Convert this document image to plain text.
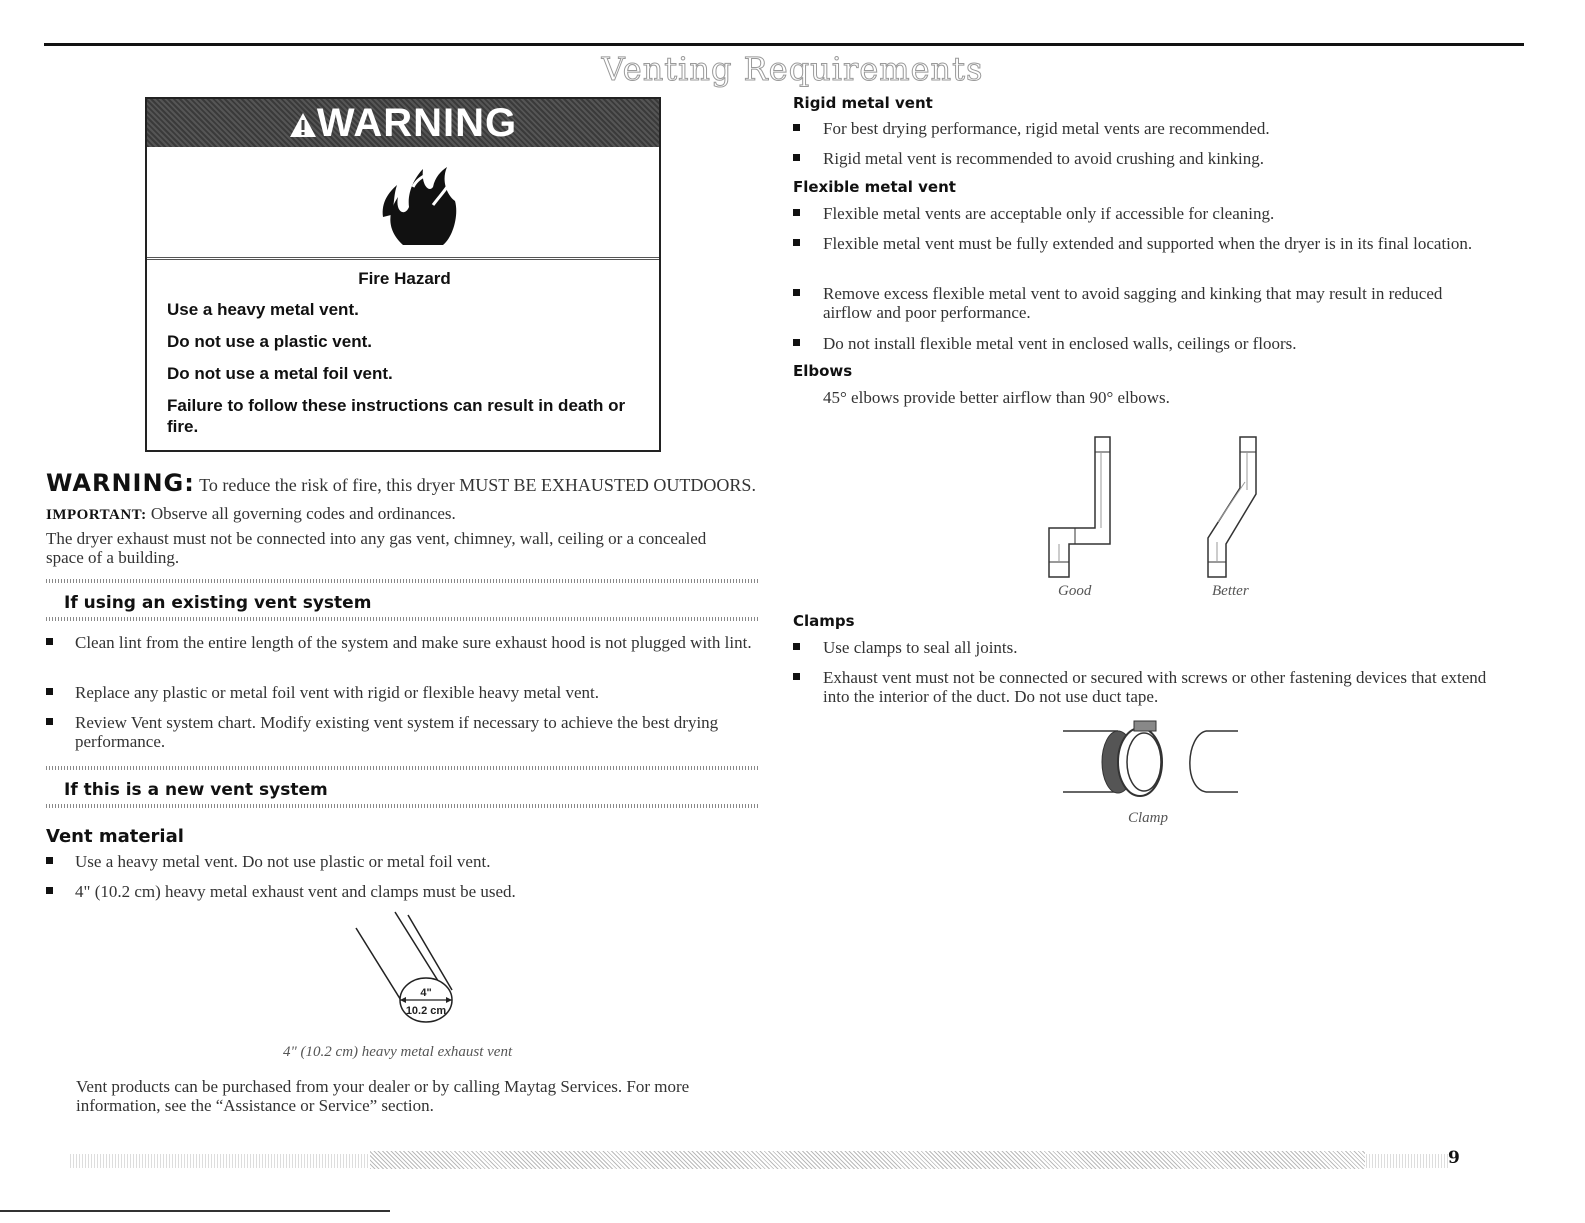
Venting Requirements
WARNING
Fire Hazard
Use a heavy metal vent.
Do not use a plastic vent.
Do not use a metal foil vent.
Failure to follow these instructions can result in death or fire.
WARNING: To reduce the risk of fire, this dryer MUST BE EXHAUSTED OUTDOORS.
IMPORTANT: Observe all governing codes and ordinances.
The dryer exhaust must not be connected into any gas vent, chimney, wall, ceiling or a concealed space of a building.
If using an existing vent system
Clean lint from the entire length of the system and make sure exhaust hood is not plugged with lint.
Replace any plastic or metal foil vent with rigid or flexible heavy metal vent.
Review Vent system chart. Modify existing vent system if necessary to achieve the best drying performance.
If this is a new vent system
Vent material
Use a heavy metal vent. Do not use plastic or metal foil vent.
4" (10.2 cm) heavy metal exhaust vent and clamps must be used.
4"
10.2 cm
4" (10.2 cm) heavy metal exhaust vent
Vent products can be purchased from your dealer or by calling Maytag Services. For more information, see the “Assistance or Service” section.
Rigid metal vent
For best drying performance, rigid metal vents are recommended.
Rigid metal vent is recommended to avoid crushing and kinking.
Flexible metal vent
Flexible metal vents are acceptable only if accessible for cleaning.
Flexible metal vent must be fully extended and supported when the dryer is in its final location.
Remove excess flexible metal vent to avoid sagging and kinking that may result in reduced airflow and poor performance.
Do not install flexible metal vent in enclosed walls, ceilings or floors.
Elbows
45° elbows provide better airflow than 90° elbows.
Good	Better
Clamps
Use clamps to seal all joints.
Exhaust vent must not be connected or secured with screws or other fastening devices that extend into the interior of the duct. Do not use duct tape.
Clamp
9
